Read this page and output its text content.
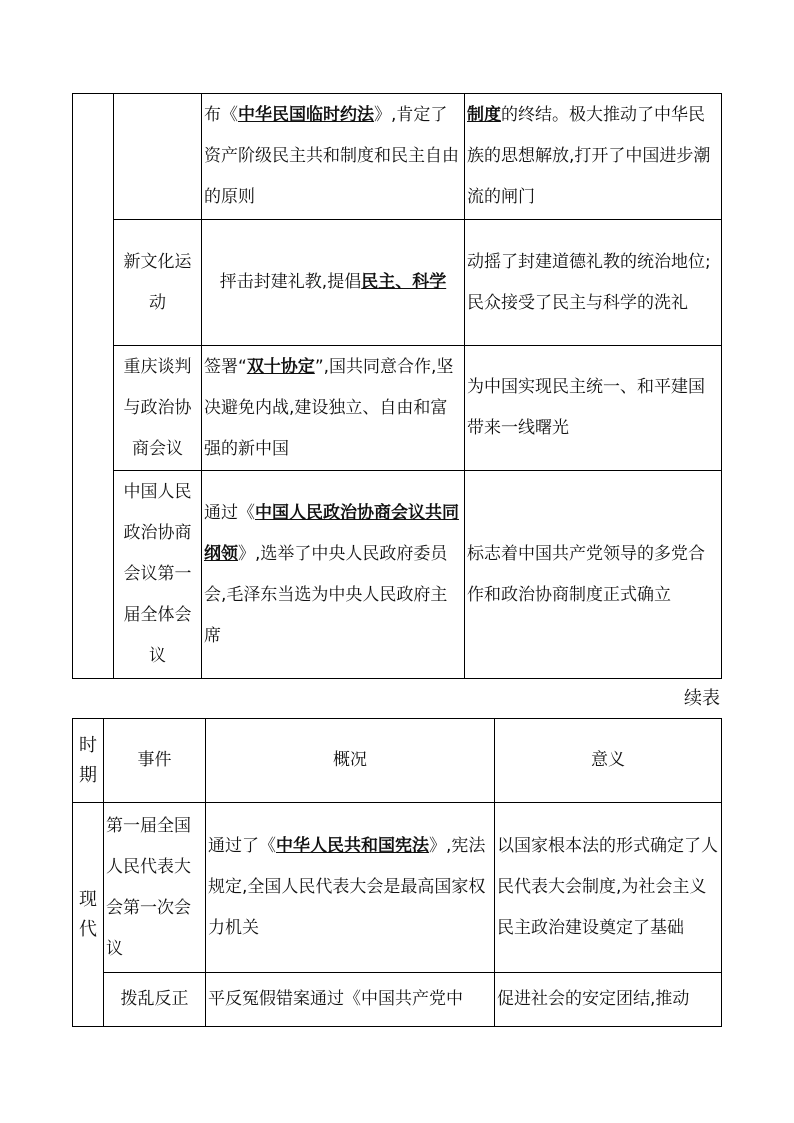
		布《中华民国临时约法》,肯定了资产阶级民主共和制度和民主自由的原则	制度的终结。极大推动了中华民族的思想解放,打开了中国进步潮流的闸门
	新文化运
动	抨击封建礼教,提倡民主、科学	动摇了封建道德礼教的统治地位;民众接受了民主与科学的洗礼
	重庆谈判
与政治协
商会议	签署“双十协定”,国共同意合作,坚决避免内战,建设独立、自由和富强的新中国	为中国实现民主统一、和平建国带来一线曙光
	中国人民
政治协商
会议第一
届全体会
议	通过《中国人民政治协商会议共同纲领》,选举了中央人民政府委员会,毛泽东当选为中央人民政府主席	标志着中国共产党领导的多党合作和政治协商制度正式确立
续表
时
期	事件	概况	意义
现
代	第一届全国
人民代表大
会第一次会
议	通过了《中华人民共和国宪法》,宪法规定,全国人民代表大会是最高国家权力机关	以国家根本法的形式确定了人民代表大会制度,为社会主义民主政治建设奠定了基础
	拨乱反正	平反冤假错案通过《中国共产党中	促进社会的安定团结,推动
